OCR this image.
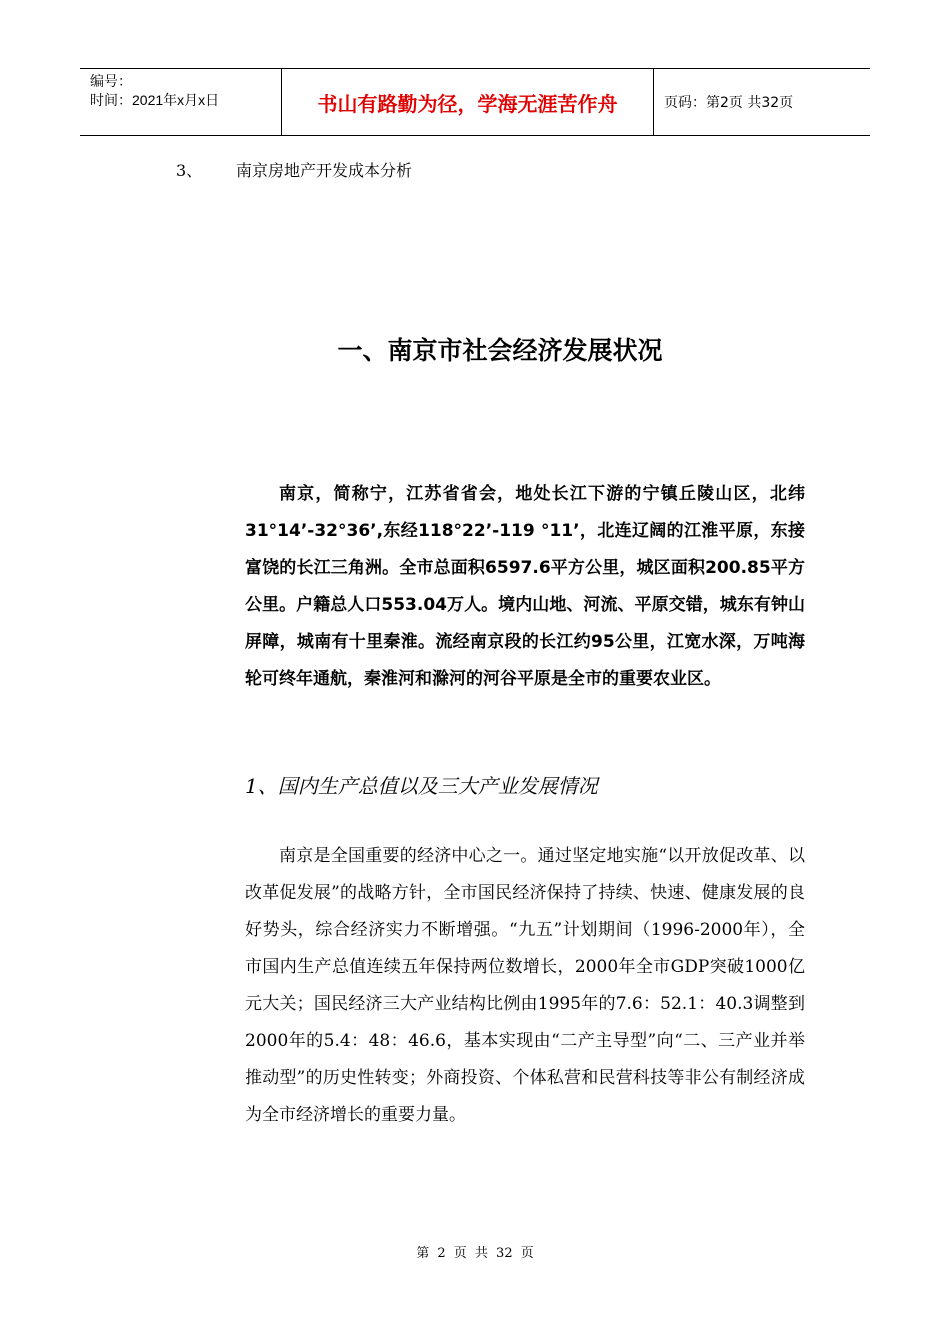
编号：
时间：2021年x月x日	书山有路勤为径，学海无涯苦作舟	页码：第2页 共32页
3、 南京房地产开发成本分析
一、南京市社会经济发展状况

南京，简称宁，江苏省省会，地处长江下游的宁镇丘陵山区，北纬31°14’-32°36’,东经118°22’-119 °11’，北连辽阔的江淮平原，东接富饶的长江三角洲。全市总面积6597.6平方公里，城区面积200.85平方公里。户籍总人口553.04万人。境内山地、河流、平原交错，城东有钟山屏障，城南有十里秦淮。流经南京段的长江约95公里，江宽水深，万吨海轮可终年通航，秦淮河和滁河的河谷平原是全市的重要农业区。

1、国内生产总值以及三大产业发展情况

南京是全国重要的经济中心之一。通过坚定地实施“以开放促改革、以改革促发展”的战略方针，全市国民经济保持了持续、快速、健康发展的良好势头，综合经济实力不断增强。“九五”计划期间（1996-2000年），全市国内生产总值连续五年保持两位数增长，2000年全市GDP突破1000亿元大关；国民经济三大产业结构比例由1995年的7.6：52.1：40.3调整到2000年的5.4：48：46.6，基本实现由“二产主导型”向“二、三产业并举推动型”的历史性转变；外商投资、个体私营和民营科技等非公有制经济成为全市经济增长的重要力量。

第 2 页 共 32 页
